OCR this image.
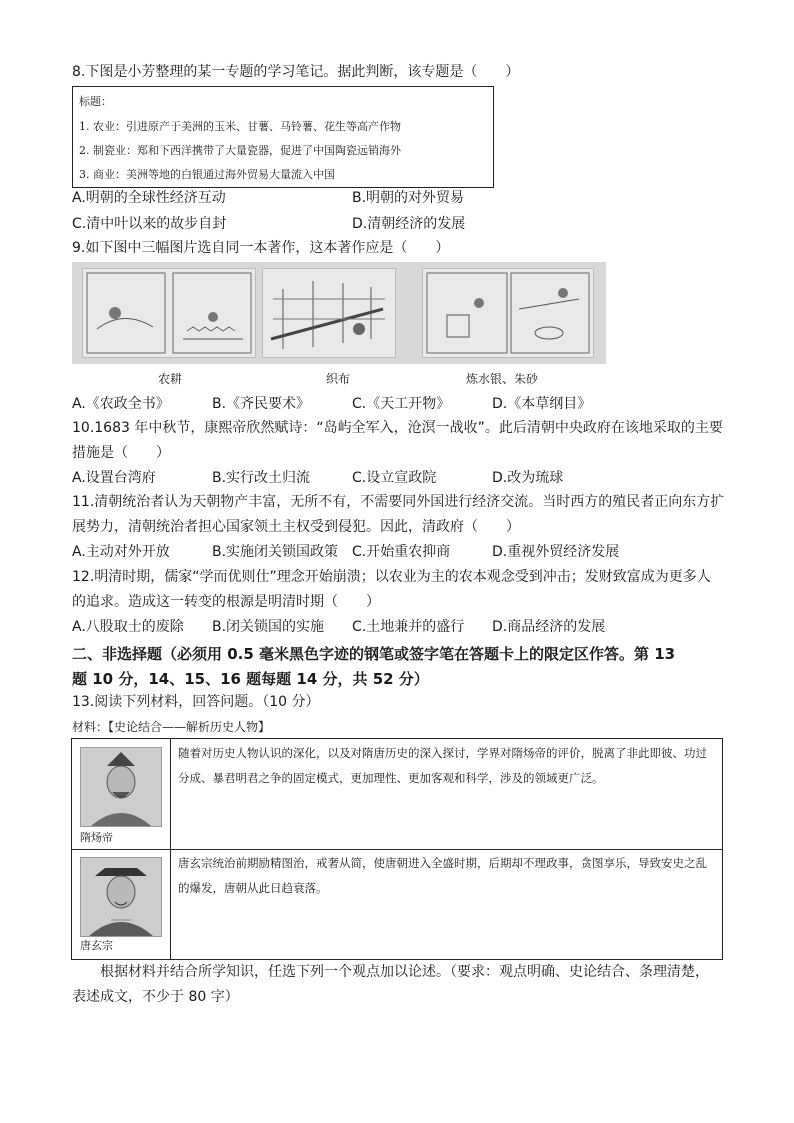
8.下图是小芳整理的某一专题的学习笔记。据此判断，该专题是（　　）
标题：
1. 农业：引进原产于美洲的玉米、甘薯、马铃薯、花生等高产作物
2. 制瓷业：郑和下西洋携带了大量瓷器，促进了中国陶瓷远销海外
3. 商业：美洲等地的白银通过海外贸易大量流入中国
A.明朝的全球性经济互动	B.明朝的对外贸易
C.清中叶以来的故步自封	D.清朝经济的发展
9.如下图中三幅图片选自同一本著作，这本著作应是（　　）
农耕	织布	炼水银、朱砂
A.《农政全书》	B.《齐民要术》	C.《天工开物》	D.《本草纲目》
10.1683 年中秋节，康熙帝欣然赋诗：“岛屿全军入，沧溟一战收”。此后清朝中央政府在该地采取的主要
措施是（　　）
A.设置台湾府	B.实行改土归流	C.设立宣政院	D.改为琉球
11.清朝统治者认为天朝物产丰富，无所不有，不需要同外国进行经济交流。当时西方的殖民者正向东方扩
展势力，清朝统治者担心国家领土主权受到侵犯。因此，清政府（　　）
A.主动对外开放	B.实施闭关锁国政策 C.开始重农抑商	D.重视外贸经济发展
12.明清时期，儒家“学而优则仕”理念开始崩溃；以农业为主的农本观念受到冲击；发财致富成为更多人
的追求。造成这一转变的根源是明清时期（　　）
A.八股取士的废除 B.闭关锁国的实施 C.土地兼并的盛行 D.商品经济的发展
二、非选择题（必须用 0.5 毫米黑色字迹的钢笔或签字笔在答题卡上的限定区作答。第 13
题 10 分，14、15、16 题每题 14 分，共 52 分）
13.阅读下列材料，回答问题。（10 分）
材料：【史论结合——解析历史人物】
隋炀帝
随着对历史人物认识的深化，以及对隋唐历史的深入探讨，学界对隋炀帝的评价，脱离了非此即彼、功过分成、暴君明君之争的固定模式，更加理性、更加客观和科学，涉及的领域更广泛。
唐玄宗
唐玄宗统治前期励精图治，戒奢从简，使唐朝进入全盛时期，后期却不理政事，贪图享乐，导致安史之乱的爆发，唐朝从此日趋衰落。
根据材料并结合所学知识，任选下列一个观点加以论述。（要求：观点明确、史论结合、条理清楚，
表述成文，不少于 80 字）
